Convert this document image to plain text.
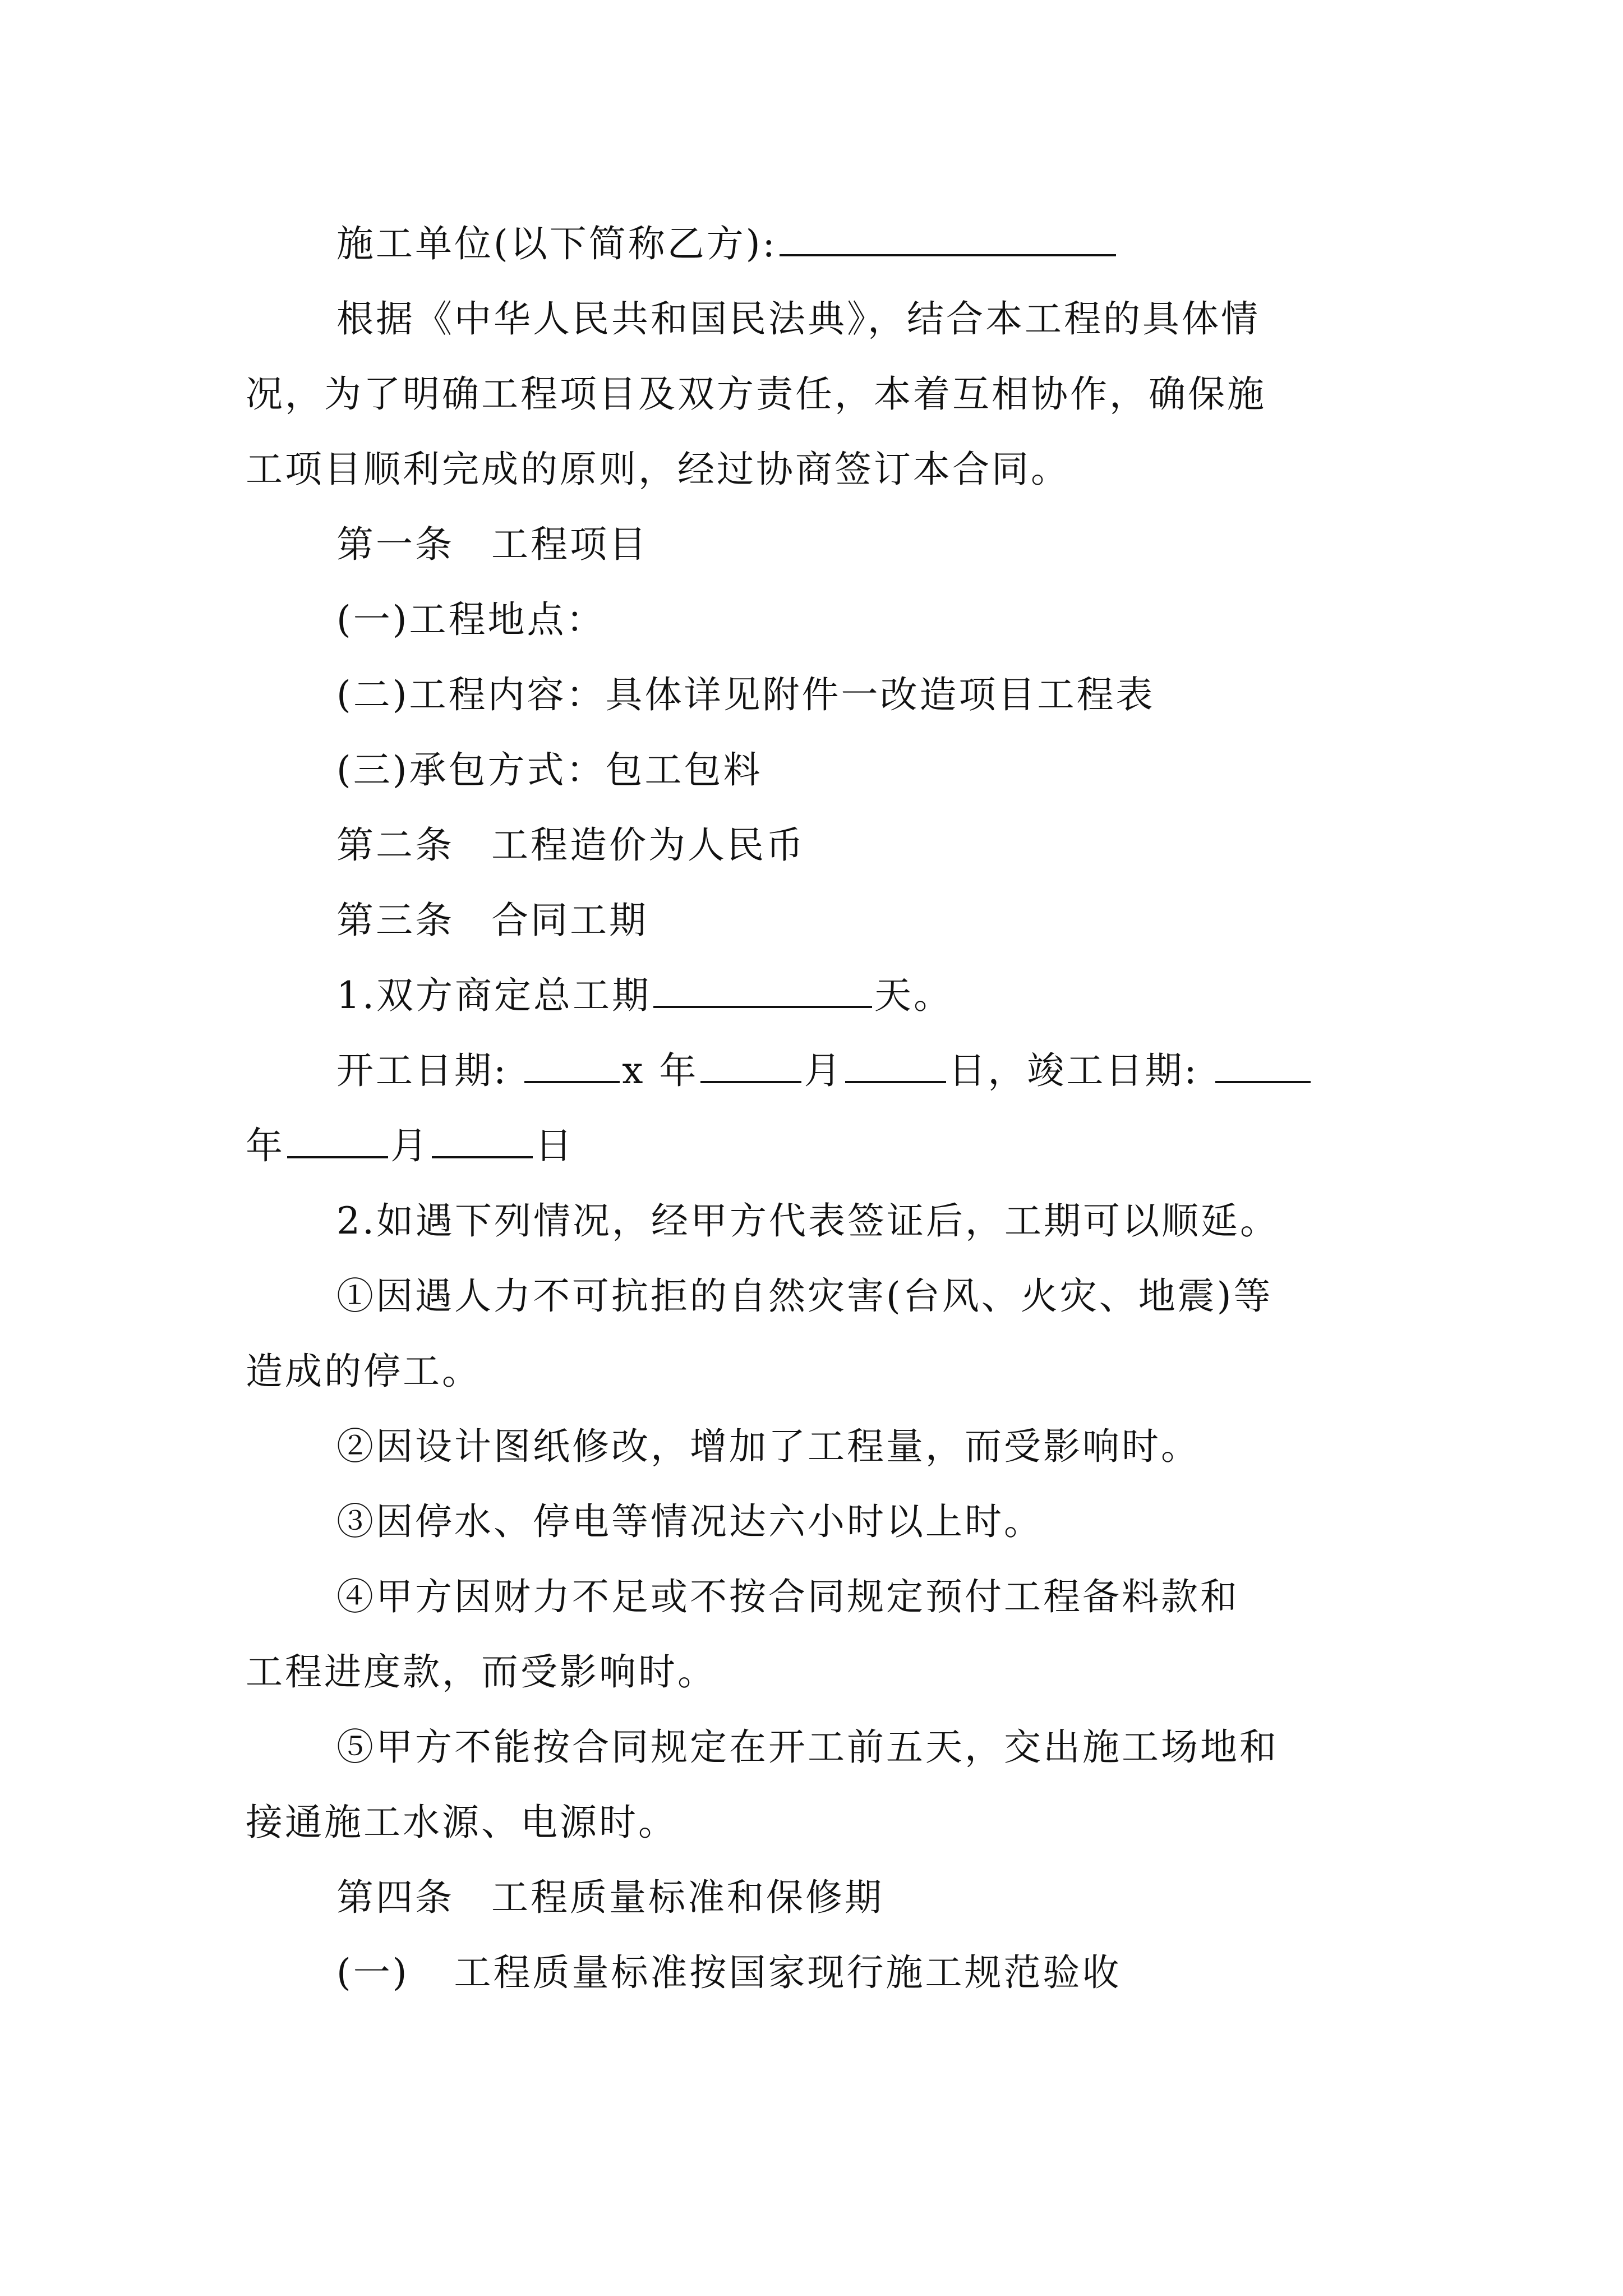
施工单位(以下简称乙方):
根据《中华人民共和国民法典》，结合本工程的具体情
况，为了明确工程项目及双方责任，本着互相协作，确保施
工项目顺利完成的原则，经过协商签订本合同。
第一条 工程项目
(一)工程地点：
(二)工程内容：具体详见附件一改造项目工程表
(三)承包方式：包工包料
第二条 工程造价为人民币
第三条 合同工期
1.双方商定总工期	天。
开工日期:	x 年	月	日，竣工日期:
年	月	日
2.如遇下列情况，经甲方代表签证后，工期可以顺延。
①因遇人力不可抗拒的自然灾害(台风、火灾、地震)等
造成的停工。
②因设计图纸修改，增加了工程量，而受影响时。
③因停水、停电等情况达六小时以上时。
④甲方因财力不足或不按合同规定预付工程备料款和
工程进度款，而受影响时。
⑤甲方不能按合同规定在开工前五天，交出施工场地和
接通施工水源、电源时。
第四条 工程质量标准和保修期
(一) 工程质量标准按国家现行施工规范验收
